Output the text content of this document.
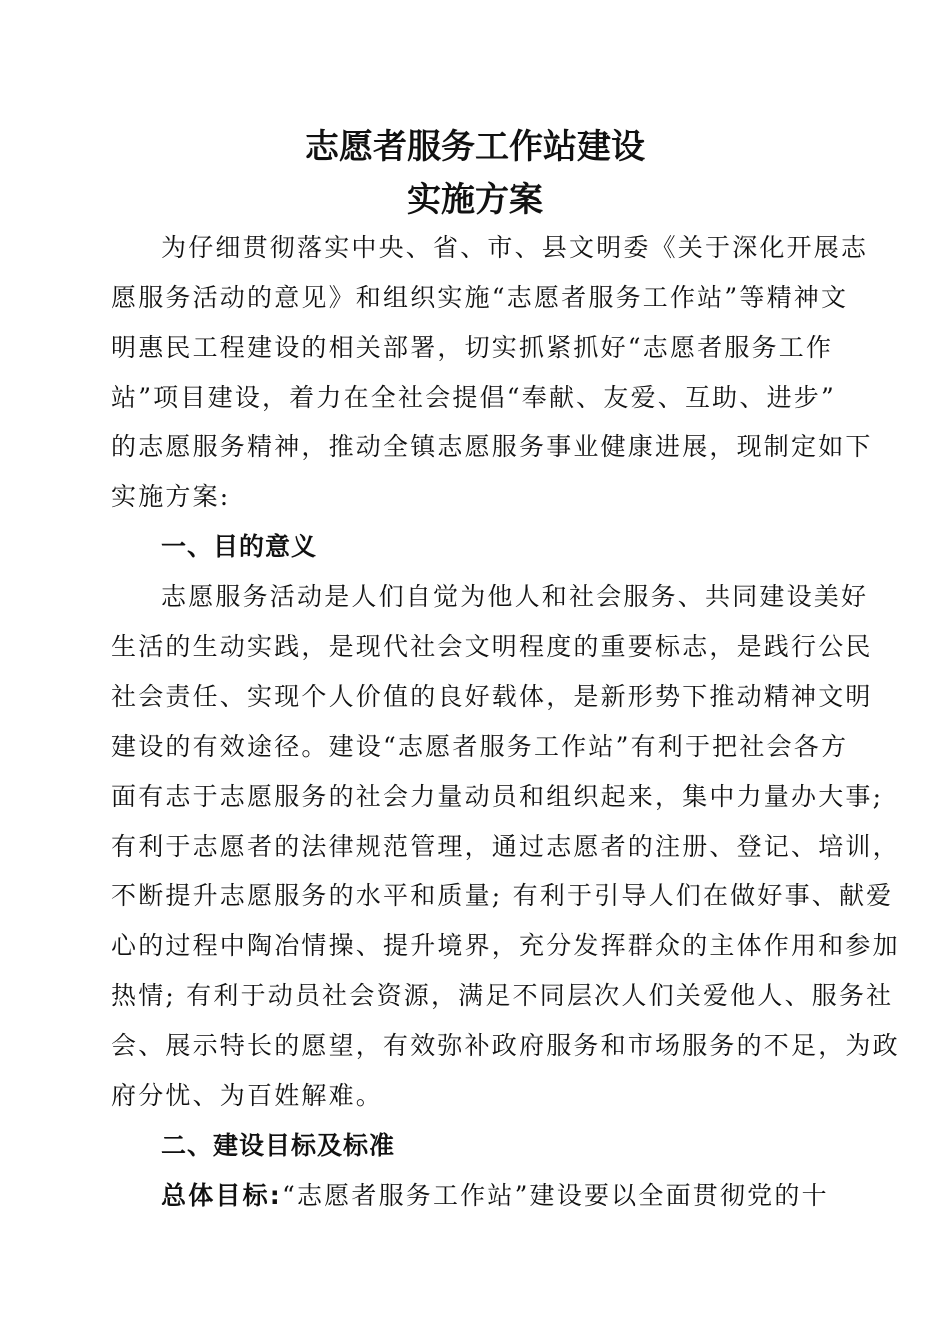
志愿者服务工作站建设
实施方案
为仔细贯彻落实中央、省、市、县文明委《关于深化开展志
愿服务活动的意见》和组织实施“志愿者服务工作站”等精神文
明惠民工程建设的相关部署，切实抓紧抓好“志愿者服务工作
站”项目建设，着力在全社会提倡“奉献、友爱、互助、进步”
的志愿服务精神，推动全镇志愿服务事业健康进展，现制定如下
实施方案:
一、目的意义
志愿服务活动是人们自觉为他人和社会服务、共同建设美好
生活的生动实践，是现代社会文明程度的重要标志，是践行公民
社会责任、实现个人价值的良好载体，是新形势下推动精神文明
建设的有效途径。建设“志愿者服务工作站”有利于把社会各方
面有志于志愿服务的社会力量动员和组织起来，集中力量办大事;
有利于志愿者的法律规范管理，通过志愿者的注册、登记、培训，
不断提升志愿服务的水平和质量; 有利于引导人们在做好事、献爱
心的过程中陶冶情操、提升境界，充分发挥群众的主体作用和参加
热情; 有利于动员社会资源，满足不同层次人们关爱他人、服务社
会、展示特长的愿望，有效弥补政府服务和市场服务的不足，为政
府分忧、为百姓解难。
二、建设目标及标准
总体目标:“志愿者服务工作站”建设要以全面贯彻党的十
